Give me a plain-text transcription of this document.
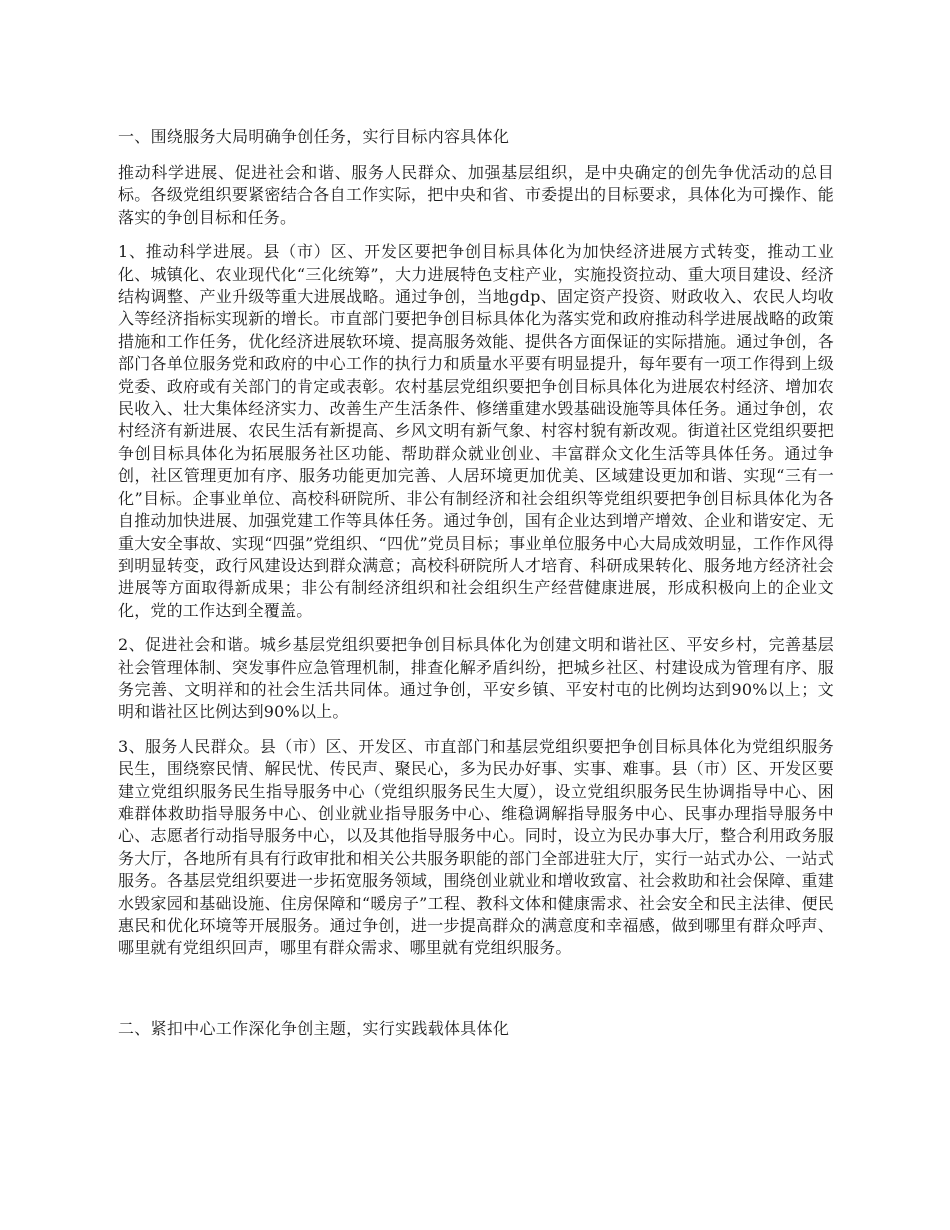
一、围绕服务大局明确争创任务，实行目标内容具体化
推动科学进展、促进社会和谐、服务人民群众、加强基层组织，是中央确定的创先争优活动的总目标。各级党组织要紧密结合各自工作实际，把中央和省、市委提出的目标要求，具体化为可操作、能落实的争创目标和任务。
1、推动科学进展。县（市）区、开发区要把争创目标具体化为加快经济进展方式转变，推动工业化、城镇化、农业现代化“三化统筹”，大力进展特色支柱产业，实施投资拉动、重大项目建设、经济结构调整、产业升级等重大进展战略。通过争创，当地gdp、固定资产投资、财政收入、农民人均收入等经济指标实现新的增长。市直部门要把争创目标具体化为落实党和政府推动科学进展战略的政策措施和工作任务，优化经济进展软环境、提高服务效能、提供各方面保证的实际措施。通过争创，各部门各单位服务党和政府的中心工作的执行力和质量水平要有明显提升，每年要有一项工作得到上级党委、政府或有关部门的肯定或表彰。农村基层党组织要把争创目标具体化为进展农村经济、增加农民收入、壮大集体经济实力、改善生产生活条件、修缮重建水毁基础设施等具体任务。通过争创，农村经济有新进展、农民生活有新提高、乡风文明有新气象、村容村貌有新改观。街道社区党组织要把争创目标具体化为拓展服务社区功能、帮助群众就业创业、丰富群众文化生活等具体任务。通过争创，社区管理更加有序、服务功能更加完善、人居环境更加优美、区域建设更加和谐、实现“三有一化”目标。企事业单位、高校科研院所、非公有制经济和社会组织等党组织要把争创目标具体化为各自推动加快进展、加强党建工作等具体任务。通过争创，国有企业达到增产增效、企业和谐安定、无重大安全事故、实现“四强”党组织、“四优”党员目标；事业单位服务中心大局成效明显，工作作风得到明显转变，政行风建设达到群众满意；高校科研院所人才培育、科研成果转化、服务地方经济社会进展等方面取得新成果；非公有制经济组织和社会组织生产经营健康进展，形成积极向上的企业文化，党的工作达到全覆盖。
2、促进社会和谐。城乡基层党组织要把争创目标具体化为创建文明和谐社区、平安乡村，完善基层社会管理体制、突发事件应急管理机制，排查化解矛盾纠纷，把城乡社区、村建设成为管理有序、服务完善、文明祥和的社会生活共同体。通过争创，平安乡镇、平安村屯的比例均达到90%以上；文明和谐社区比例达到90%以上。
3、服务人民群众。县（市）区、开发区、市直部门和基层党组织要把争创目标具体化为党组织服务民生，围绕察民情、解民忧、传民声、聚民心，多为民办好事、实事、难事。县（市）区、开发区要建立党组织服务民生指导服务中心（党组织服务民生大厦），设立党组织服务民生协调指导中心、困难群体救助指导服务中心、创业就业指导服务中心、维稳调解指导服务中心、民事办理指导服务中心、志愿者行动指导服务中心，以及其他指导服务中心。同时，设立为民办事大厅，整合利用政务服务大厅，各地所有具有行政审批和相关公共服务职能的部门全部进驻大厅，实行一站式办公、一站式服务。各基层党组织要进一步拓宽服务领域，围绕创业就业和增收致富、社会救助和社会保障、重建水毁家园和基础设施、住房保障和“暖房子”工程、教科文体和健康需求、社会安全和民主法律、便民惠民和优化环境等开展服务。通过争创，进一步提高群众的满意度和幸福感，做到哪里有群众呼声、哪里就有党组织回声，哪里有群众需求、哪里就有党组织服务。
二、紧扣中心工作深化争创主题，实行实践载体具体化
